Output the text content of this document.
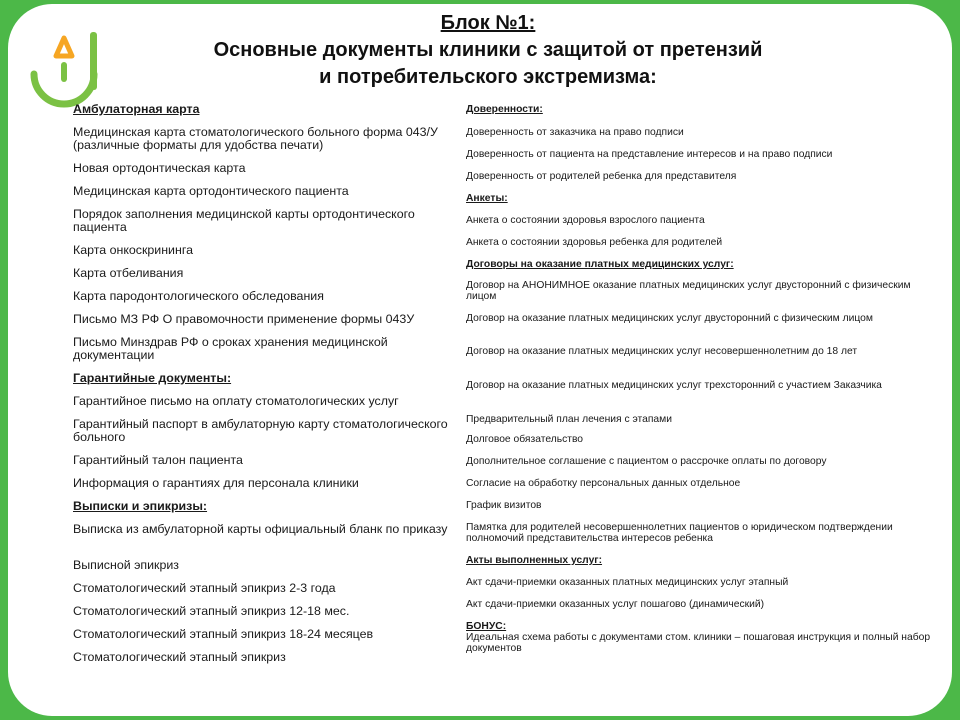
Блок №1:
Основные документы клиники с защитой от претензий
и потребительского экстремизма:
Амбулаторная карта
Медицинская карта стоматологического больного форма 043/У (различные форматы для удобства печати)
Новая ортодонтическая карта
Медицинская карта ортодонтического пациента
Порядок заполнения медицинской карты ортодонтического пациента
Карта онкоскрининга
Карта отбеливания
Карта пародонтологического обследования
Письмо МЗ РФ О правомочности применение формы 043У
Письмо Минздрав РФ о сроках хранения медицинской документации
Гарантийные документы:
Гарантийное письмо на оплату стоматологических услуг
Гарантийный паспорт в амбулаторную карту стоматологического больного
Гарантийный талон пациента
Информация о гарантиях для персонала клиники
Выписки и эпикризы:
Выписка из амбулаторной карты официальный бланк по приказу
Выписной эпикриз
Стоматологический этапный эпикриз 2-3 года
Стоматологический этапный эпикриз 12-18 мес.
Стоматологический этапный эпикриз 18-24 месяцев
Стоматологический этапный эпикриз
Доверенности:
Доверенность от заказчика на право подписи
Доверенность от пациента на представление интересов и на право подписи
Доверенность от родителей ребенка для представителя
Анкеты:
Анкета о состоянии здоровья взрослого пациента
Анкета о состоянии здоровья ребенка для родителей
Договоры на оказание платных медицинских услуг:
Договор на АНОНИМНОЕ оказание платных медицинских услуг двусторонний с физическим лицом
Договор на оказание платных медицинских услуг двусторонний с физическим лицом
Договор на оказание платных медицинских услуг несовершеннолетним до 18 лет
Договор на оказание платных медицинских услуг трехсторонний с участием Заказчика
Предварительный план лечения с этапами
Долговое обязательство
Дополнительное соглашение с пациентом о рассрочке оплаты по договору
Согласие на обработку персональных данных отдельное
График визитов
Памятка для родителей несовершеннолетних пациентов о юридическом подтверждении полномочий представительства интересов ребенка
Акты выполненных услуг:
Акт сдачи-приемки оказанных платных медицинских услуг этапный
Акт сдачи-приемки оказанных услуг пошагово (динамический)
БОНУС:
Идеальная схема работы с документами стом. клиники – пошаговая инструкция и полный набор документов
